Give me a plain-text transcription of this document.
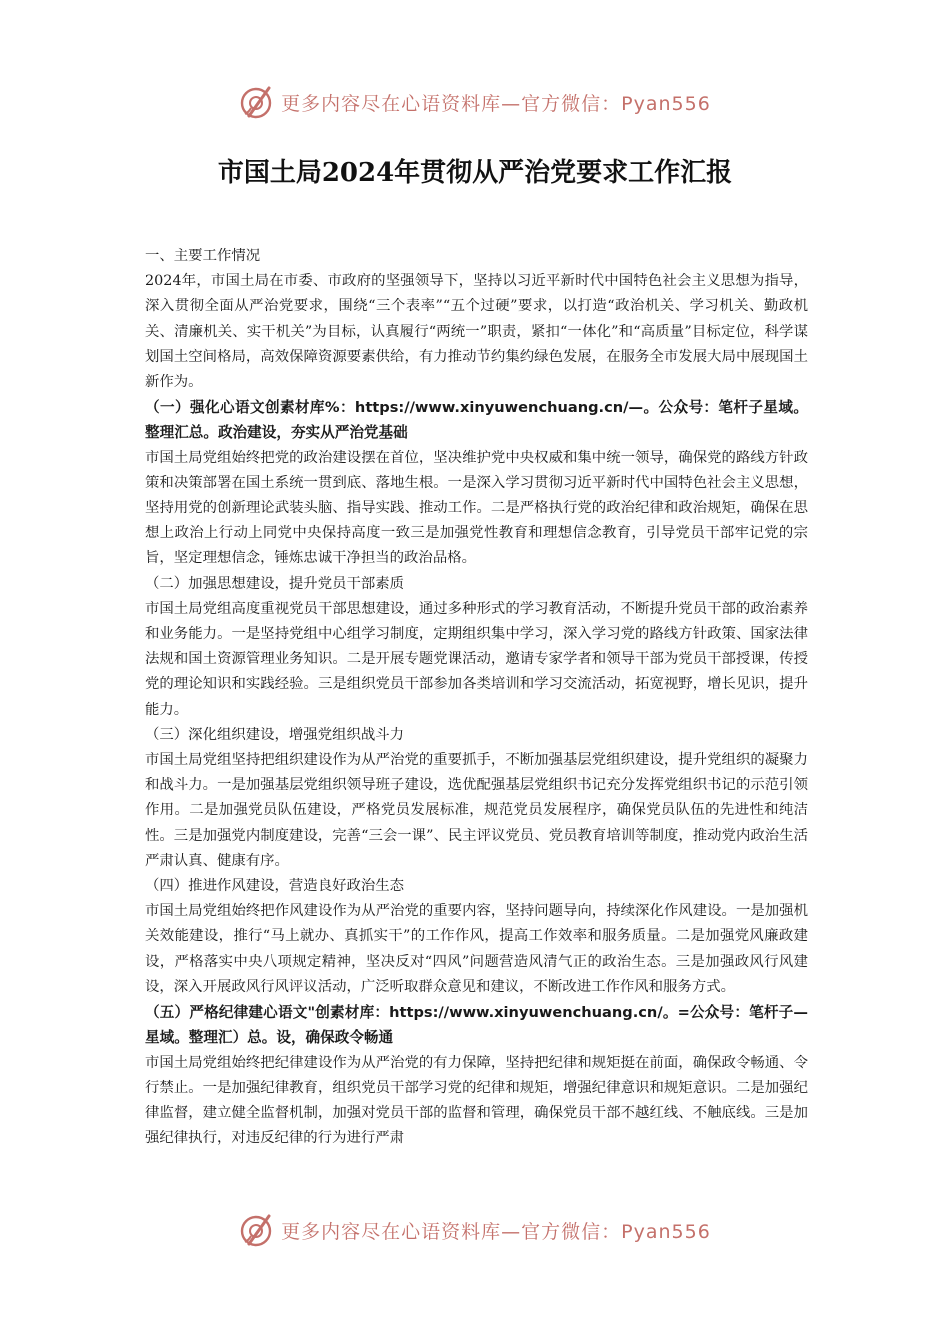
更多内容尽在心语资料库—官方微信：Pyan556
市国土局2024年贯彻从严治党要求工作汇报

一、主要工作情况

2024年，市国土局在市委、市政府的坚强领导下，坚持以习近平新时代中国特色社会主义思想为指导，深入贯彻全面从严治党要求，围绕“三个表率”“五个过硬”要求，以打造“政治机关、学习机关、勤政机关、清廉机关、实干机关”为目标，认真履行“两统一”职责，紧扣“一体化”和“高质量”目标定位，科学谋划国土空间格局，高效保障资源要素供给，有力推动节约集约绿色发展，在服务全市发展大局中展现国土新作为。

（一）强化心语文创素材库%：https://www.xinyuwenchuang.cn/—。公众号：笔杆子星域。整理汇总。政治建设，夯实从严治党基础

市国土局党组始终把党的政治建设摆在首位，坚决维护党中央权威和集中统一领导，确保党的路线方针政策和决策部署在国土系统一贯到底、落地生根。一是深入学习贯彻习近平新时代中国特色社会主义思想，坚持用党的创新理论武装头脑、指导实践、推动工作。二是严格执行党的政治纪律和政治规矩，确保在思想上政治上行动上同党中央保持高度一致三是加强党性教育和理想信念教育，引导党员干部牢记党的宗旨，坚定理想信念，锤炼忠诚干净担当的政治品格。

（二）加强思想建设，提升党员干部素质

市国土局党组高度重视党员干部思想建设，通过多种形式的学习教育活动，不断提升党员干部的政治素养和业务能力。一是坚持党组中心组学习制度，定期组织集中学习，深入学习党的路线方针政策、国家法律法规和国土资源管理业务知识。二是开展专题党课活动，邀请专家学者和领导干部为党员干部授课，传授党的理论知识和实践经验。三是组织党员干部参加各类培训和学习交流活动，拓宽视野，增长见识，提升能力。

（三）深化组织建设，增强党组织战斗力

市国土局党组坚持把组织建设作为从严治党的重要抓手，不断加强基层党组织建设，提升党组织的凝聚力和战斗力。一是加强基层党组织领导班子建设，选优配强基层党组织书记充分发挥党组织书记的示范引领作用。二是加强党员队伍建设，严格党员发展标准，规范党员发展程序，确保党员队伍的先进性和纯洁性。三是加强党内制度建设，完善“三会一课”、民主评议党员、党员教育培训等制度，推动党内政治生活严肃认真、健康有序。

（四）推进作风建设，营造良好政治生态

市国土局党组始终把作风建设作为从严治党的重要内容，坚持问题导向，持续深化作风建设。一是加强机关效能建设，推行“马上就办、真抓实干”的工作作风，提高工作效率和服务质量。二是加强党风廉政建设，严格落实中央八项规定精神，坚决反对“四风”问题营造风清气正的政治生态。三是加强政风行风建设，深入开展政风行风评议活动，广泛听取群众意见和建议，不断改进工作作风和服务方式。

（五）严格纪律建心语文"创素材库：https://www.xinyuwenchuang.cn/。=公众号：笔杆子—星域。整理汇）总。设，确保政令畅通

市国土局党组始终把纪律建设作为从严治党的有力保障，坚持把纪律和规矩挺在前面，确保政令畅通、令行禁止。一是加强纪律教育，组织党员干部学习党的纪律和规矩，增强纪律意识和规矩意识。二是加强纪律监督，建立健全监督机制，加强对党员干部的监督和管理，确保党员干部不越红线、不触底线。三是加强纪律执行，对违反纪律的行为进行严肃

更多内容尽在心语资料库—官方微信：Pyan556
